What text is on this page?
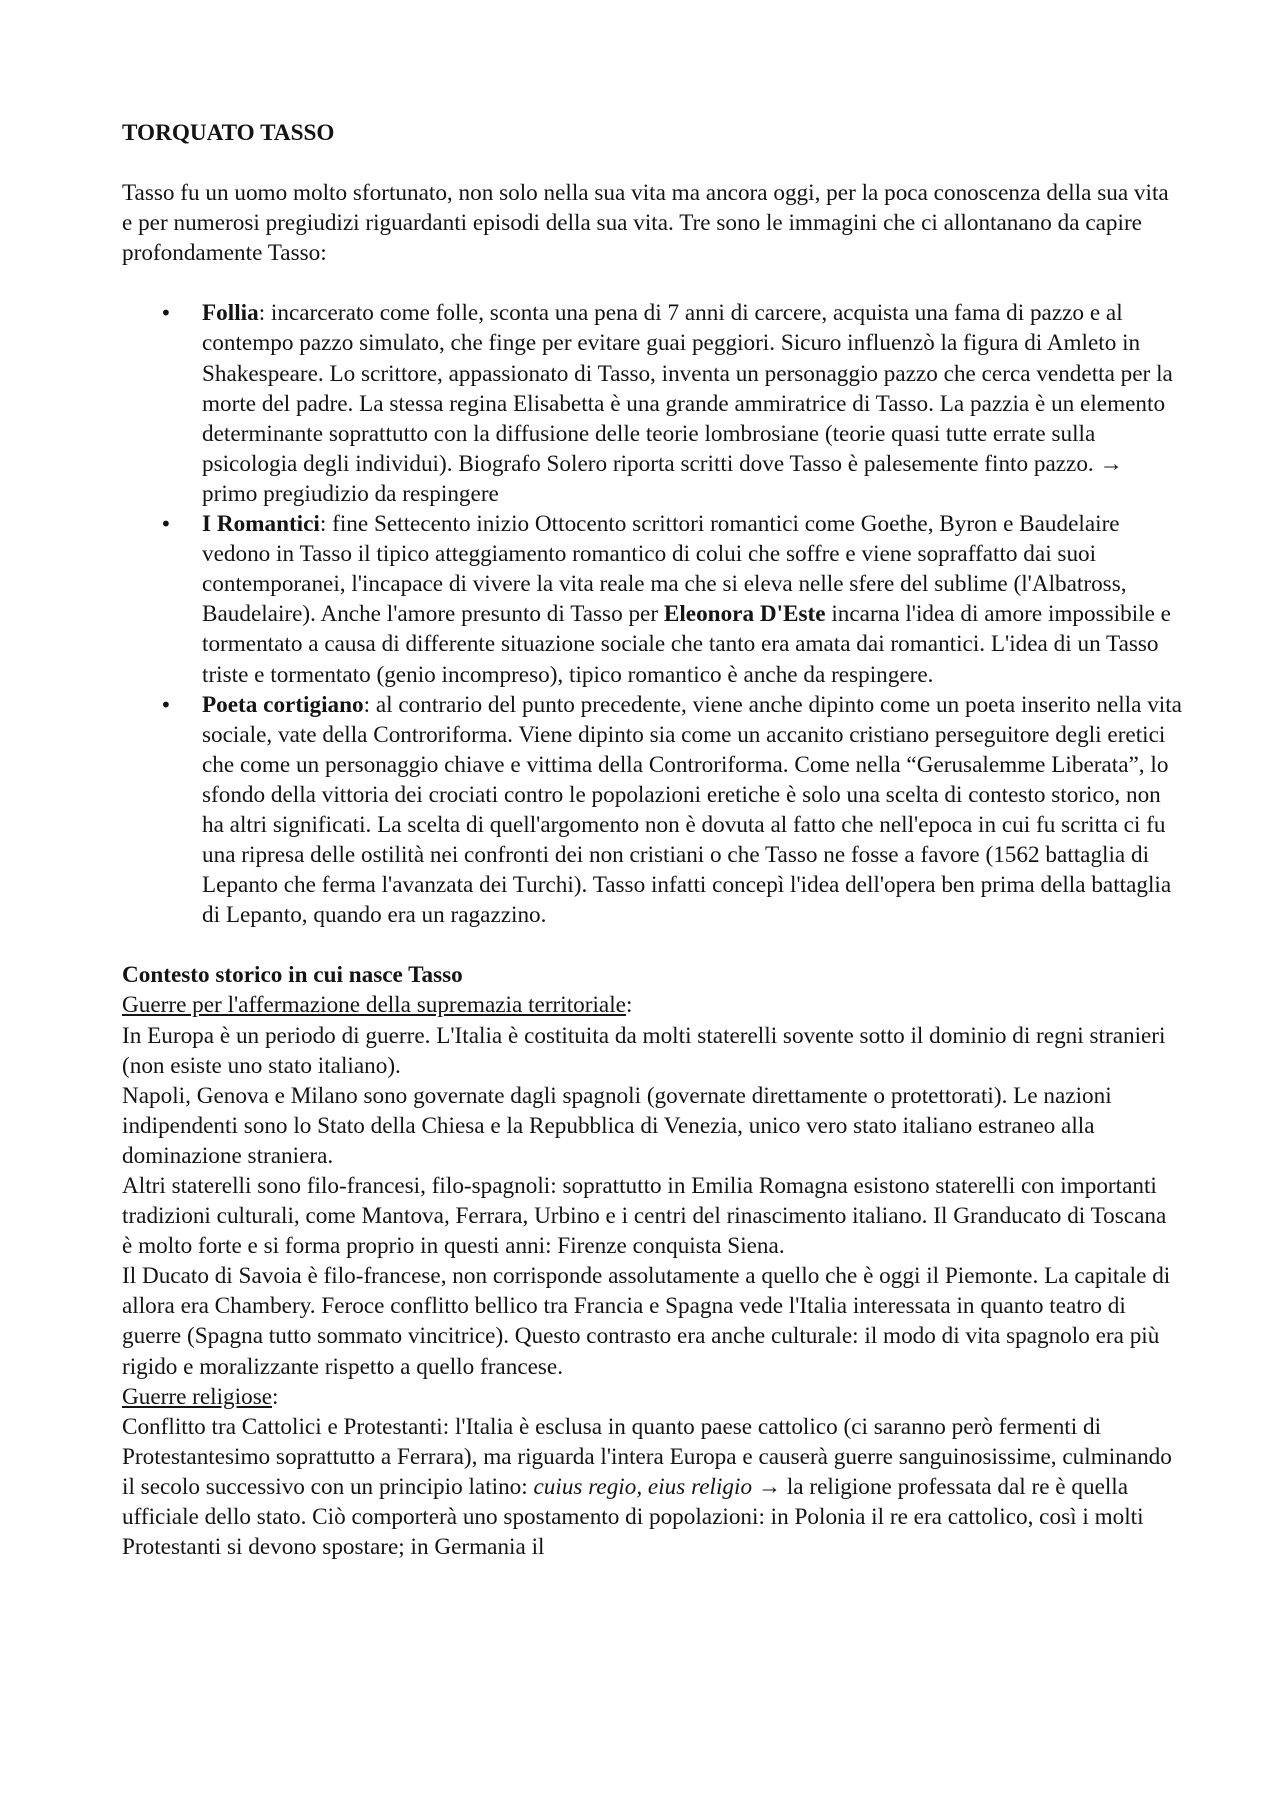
TORQUATO TASSO

Tasso fu un uomo molto sfortunato, non solo nella sua vita ma ancora oggi, per la poca conoscenza della sua vita e per numerosi pregiudizi riguardanti episodi della sua vita. Tre sono le immagini che ci allontanano da capire profondamente Tasso:

• Follia: incarcerato come folle, sconta una pena di 7 anni di carcere, acquista una fama di pazzo e al contempo pazzo simulato, che finge per evitare guai peggiori. Sicuro influenzò la figura di Amleto in Shakespeare. Lo scrittore, appassionato di Tasso, inventa un personaggio pazzo che cerca vendetta per la morte del padre. La stessa regina Elisabetta è una grande ammiratrice di Tasso. La pazzia è un elemento determinante soprattutto con la diffusione delle teorie lombrosiane (teorie quasi tutte errate sulla psicologia degli individui). Biografo Solero riporta scritti dove Tasso è palesemente finto pazzo. → primo pregiudizio da respingere
• I Romantici: fine Settecento inizio Ottocento scrittori romantici come Goethe, Byron e Baudelaire vedono in Tasso il tipico atteggiamento romantico di colui che soffre e viene sopraffatto dai suoi contemporanei, l'incapace di vivere la vita reale ma che si eleva nelle sfere del sublime (l'Albatross, Baudelaire). Anche l'amore presunto di Tasso per Eleonora D'Este incarna l'idea di amore impossibile e tormentato a causa di differente situazione sociale che tanto era amata dai romantici. L'idea di un Tasso triste e tormentato (genio incompreso), tipico romantico è anche da respingere.
• Poeta cortigiano: al contrario del punto precedente, viene anche dipinto come un poeta inserito nella vita sociale, vate della Controriforma. Viene dipinto sia come un accanito cristiano perseguitore degli eretici che come un personaggio chiave e vittima della Controriforma. Come nella “Gerusalemme Liberata”, lo sfondo della vittoria dei crociati contro le popolazioni eretiche è solo una scelta di contesto storico, non ha altri significati. La scelta di quell'argomento non è dovuta al fatto che nell'epoca in cui fu scritta ci fu una ripresa delle ostilità nei confronti dei non cristiani o che Tasso ne fosse a favore (1562 battaglia di Lepanto che ferma l'avanzata dei Turchi). Tasso infatti concepì l'idea dell'opera ben prima della battaglia di Lepanto, quando era un ragazzino.

Contesto storico in cui nasce Tasso

Guerre per l'affermazione della supremazia territoriale:

In Europa è un periodo di guerre. L'Italia è costituita da molti staterelli sovente sotto il dominio di regni stranieri (non esiste uno stato italiano).

Napoli, Genova e Milano sono governate dagli spagnoli (governate direttamente o protettorati). Le nazioni indipendenti sono lo Stato della Chiesa e la Repubblica di Venezia, unico vero stato italiano estraneo alla dominazione straniera.

Altri staterelli sono filo-francesi, filo-spagnoli: soprattutto in Emilia Romagna esistono staterelli con importanti tradizioni culturali, come Mantova, Ferrara, Urbino e i centri del rinascimento italiano. Il Granducato di Toscana è molto forte e si forma proprio in questi anni: Firenze conquista Siena.

Il Ducato di Savoia è filo-francese, non corrisponde assolutamente a quello che è oggi il Piemonte. La capitale di allora era Chambery. Feroce conflitto bellico tra Francia e Spagna vede l'Italia interessata in quanto teatro di guerre (Spagna tutto sommato vincitrice). Questo contrasto era anche culturale: il modo di vita spagnolo era più rigido e moralizzante rispetto a quello francese.

Guerre religiose:

Conflitto tra Cattolici e Protestanti: l'Italia è esclusa in quanto paese cattolico (ci saranno però fermenti di Protestantesimo soprattutto a Ferrara), ma riguarda l'intera Europa e causerà guerre sanguinosissime, culminando il secolo successivo con un principio latino: cuius regio, eius religio → la religione professata dal re è quella ufficiale dello stato. Ciò comporterà uno spostamento di popolazioni: in Polonia il re era cattolico, così i molti Protestanti si devono spostare; in Germania il
